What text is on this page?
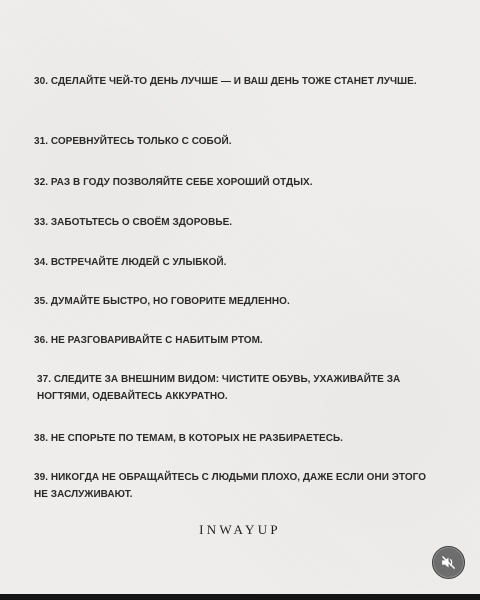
30. СДЕЛАЙТЕ ЧЕЙ-ТО ДЕНЬ ЛУЧШЕ — И ВАШ ДЕНЬ ТОЖЕ СТАНЕТ ЛУЧШЕ.
31. СОРЕВНУЙТЕСЬ ТОЛЬКО С СОБОЙ.
32. РАЗ В ГОДУ ПОЗВОЛЯЙТЕ СЕБЕ ХОРОШИЙ ОТДЫХ.
33. ЗАБОТЬТЕСЬ О СВОЁМ ЗДОРОВЬЕ.
34. ВСТРЕЧАЙТЕ ЛЮДЕЙ С УЛЫБКОЙ.
35. ДУМАЙТЕ БЫСТРО, НО ГОВОРИТЕ МЕДЛЕННО.
36. НЕ РАЗГОВАРИВАЙТЕ С НАБИТЫМ РТОМ.
37. СЛЕДИТЕ ЗА ВНЕШНИМ ВИДОМ: ЧИСТИТЕ ОБУВЬ, УХАЖИВАЙТЕ ЗА НОГТЯМИ, ОДЕВАЙТЕСЬ АККУРАТНО.
38. НЕ СПОРЬТЕ ПО ТЕМАМ, В КОТОРЫХ НЕ РАЗБИРАЕТЕСЬ.
39. НИКОГДА НЕ ОБРАЩАЙТЕСЬ С ЛЮДЬМИ ПЛОХО, ДАЖЕ ЕСЛИ ОНИ ЭТОГО НЕ ЗАСЛУЖИВАЮТ.
INWAYUP
